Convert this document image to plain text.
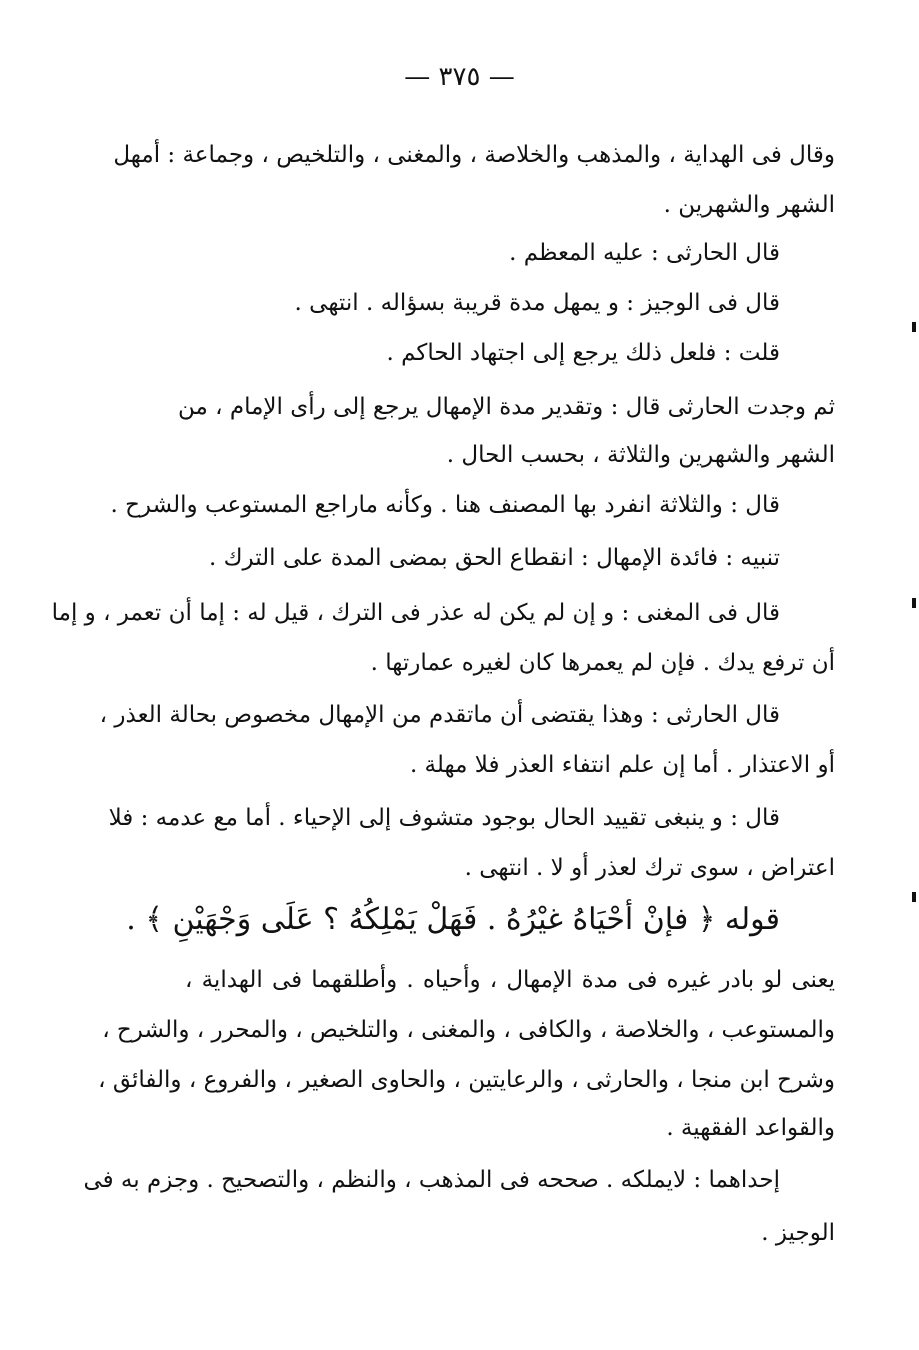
— ٣٧٥ —
وقال فى الهداية ، والمذهب والخلاصة ، والمغنى ، والتلخيص ، وجماعة : أمهل
الشهر والشهرين .
قال الحارثى : عليه المعظم .
قال فى الوجيز : و يمهل مدة قريبة بسؤاله . انتهى .
قلت : فلعل ذلك يرجع إلى اجتهاد الحاكم .
ثم وجدت الحارثى قال : وتقدير مدة الإمهال يرجع إلى رأى الإمام ، من
الشهر والشهرين والثلاثة ، بحسب الحال .
قال : والثلاثة انفرد بها المصنف هنا . وكأنه ماراجع المستوعب والشرح .
تنبيه : فائدة الإمهال : انقطاع الحق بمضى المدة على الترك .
قال فى المغنى : و إن لم يكن له عذر فى الترك ، قيل له : إما أن تعمر ، و إما
أن ترفع يدك . فإن لم يعمرها كان لغيره عمارتها .
قال الحارثى : وهذا يقتضى أن ماتقدم من الإمهال مخصوص بحالة العذر ،
أو الاعتذار . أما إن علم انتفاء العذر فلا مهلة .
قال : و ينبغى تقييد الحال بوجود متشوف إلى الإحياء . أما مع عدمه : فلا
اعتراض ، سوى ترك لعذر أو لا . انتهى .
قوله ﴿ فإنْ أحْيَاهُ غيْرُهُ . فَهَلْ يَمْلِكُهُ ؟ عَلَى وَجْهَيْنِ ﴾ .
يعنى لو بادر غيره فى مدة الإمهال ، وأحياه . وأطلقهما فى الهداية ،
والمستوعب ، والخلاصة ، والكافى ، والمغنى ، والتلخيص ، والمحرر ، والشرح ،
وشرح ابن منجا ، والحارثى ، والرعايتين ، والحاوى الصغير ، والفروع ، والفائق ،
والقواعد الفقهية .
إحداهما : لايملكه . صححه فى المذهب ، والنظم ، والتصحيح . وجزم به فى
الوجيز .
